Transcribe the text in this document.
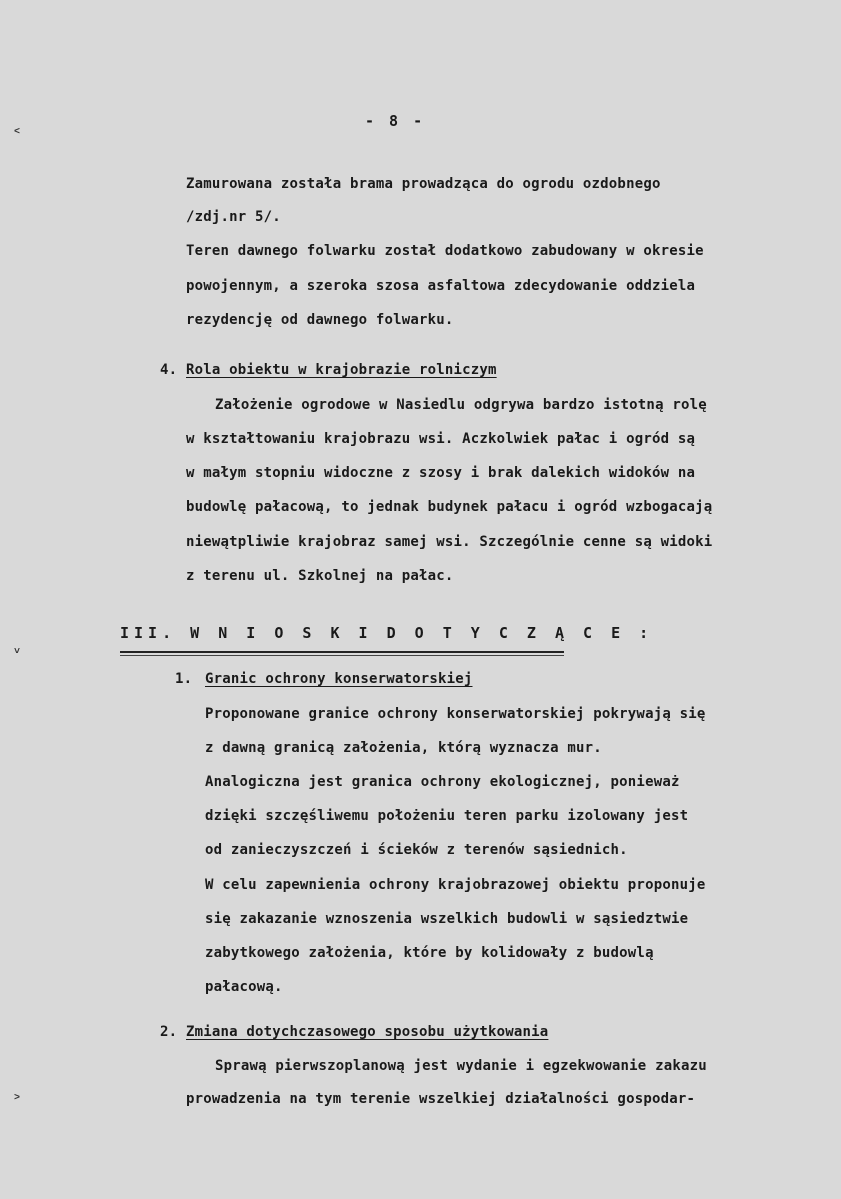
˂
˅
˃
- 8 -
Zamurowana została brama prowadząca do ogrodu ozdobnego
/zdj.nr 5/.
Teren dawnego folwarku został dodatkowo zabudowany w okresie
powojennym, a szeroka szosa asfaltowa zdecydowanie oddziela
rezydencję od dawnego folwarku.
4. Rola obiektu w krajobrazie rolniczym
Założenie ogrodowe w Nasiedlu odgrywa bardzo istotną rolę
w kształtowaniu krajobrazu wsi. Aczkolwiek pałac i ogród są
w małym stopniu widoczne z szosy i brak dalekich widoków na
budowlę pałacową, to jednak budynek pałacu i ogród wzbogacają
niewątpliwie krajobraz samej wsi. Szczególnie cenne są widoki
z terenu ul. Szkolnej na pałac.
III. W N I O S K I D O T Y C Z Ą C E :
1. Granic ochrony konserwatorskiej
Proponowane granice ochrony konserwatorskiej pokrywają się
z dawną granicą założenia, którą wyznacza mur.
Analogiczna jest granica ochrony ekologicznej, ponieważ
dzięki szczęśliwemu położeniu teren parku izolowany jest
od zanieczyszczeń i ścieków z terenów sąsiednich.
W celu zapewnienia ochrony krajobrazowej obiektu proponuje
się zakazanie wznoszenia wszelkich budowli w sąsiedztwie
zabytkowego założenia, które by kolidowały z budowlą
pałacową.
2. Zmiana dotychczasowego sposobu użytkowania
Sprawą pierwszoplanową jest wydanie i egzekwowanie zakazu
prowadzenia na tym terenie wszelkiej działalności gospodar-
